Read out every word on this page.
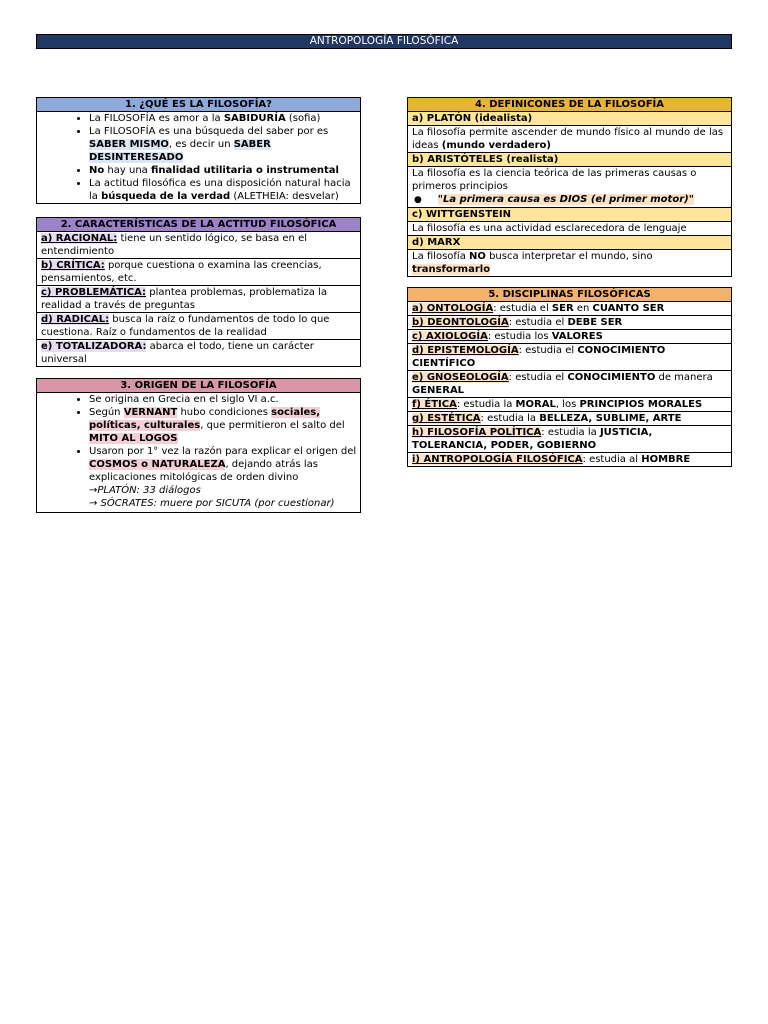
ANTROPOLOGÍA FILOSÓFICA
1. ¿QUÉ ES LA FILOSOFÍA?

• La FILOSOFÍA es amor a la SABIDURÍA (sofia)
• La FILOSOFÍA es una búsqueda del saber por es SABER MISMO, es decir un SABER DESINTERESADO
• No hay una finalidad utilitaria o instrumental
• La actitud filosófica es una disposición natural hacia la búsqueda de la verdad (ALETHEIA: desvelar)
2. CARACTERÍSTICAS DE LA ACTITUD FILOSÓFICA
a) RACIONAL: tiene un sentido lógico, se basa en el entendimiento
b) CRÍTICA: porque cuestiona o examina las creencias, pensamientos, etc.
c) PROBLEMÁTICA: plantea problemas, problematiza la realidad a través de preguntas
d) RADICAL: busca la raíz o fundamentos de todo lo que cuestiona. Raíz o fundamentos de la realidad
e) TOTALIZADORA: abarca el todo, tiene un carácter universal
3. ORIGEN DE LA FILOSOFÍA

• Se origina en Grecia en el siglo VI a.c.
• Según VERNANT hubo condiciones sociales, políticas, culturales, que permitieron el salto del MITO AL LOGOS
• Usaron por 1° vez la razón para explicar el origen del COSMOS o NATURALEZA, dejando atrás las explicaciones mitológicas de orden divino
→PLATÓN: 33 diálogos
→ SÓCRATES: muere por SICUTA (por cuestionar)
4. DEFINICONES DE LA FILOSOFÍA
a) PLATÓN (idealista)
La filosofía permite ascender de mundo físico al mundo de las ideas (mundo verdadero)
b) ARISTÓTELES (realista)

La filosofía es la ciencia teórica de las primeras causas o primeros principios
● "La primera causa es DIOS (el primer motor)"

c) WITTGENSTEIN
La filosofía es una actividad esclarecedora de lenguaje
d) MARX
La filosofía NO busca interpretar el mundo, sino transformarlo
5. DISCIPLINAS FILOSÓFICAS
a) ONTOLOGÍA: estudia el SER en CUANTO SER
b) DEONTOLOGÍA: estudia el DEBE SER
c) AXIOLOGÍA: estudia los VALORES
d) EPISTEMOLOGÍA: estudia el CONOCIMIENTO CIENTÍFICO
e) GNOSEOLOGÍA: estudia el CONOCIMIENTO de manera GENERAL
f) ÉTICA: estudia la MORAL, los PRINCIPIOS MORALES
g) ESTÉTICA: estudia la BELLEZA, SUBLIME, ARTE
h) FILOSOFÍA POLÍTICA: estudia la JUSTICIA, TOLERANCIA, PODER, GOBIERNO
i) ANTROPOLOGÍA FILOSÓFICA: estudia al HOMBRE
